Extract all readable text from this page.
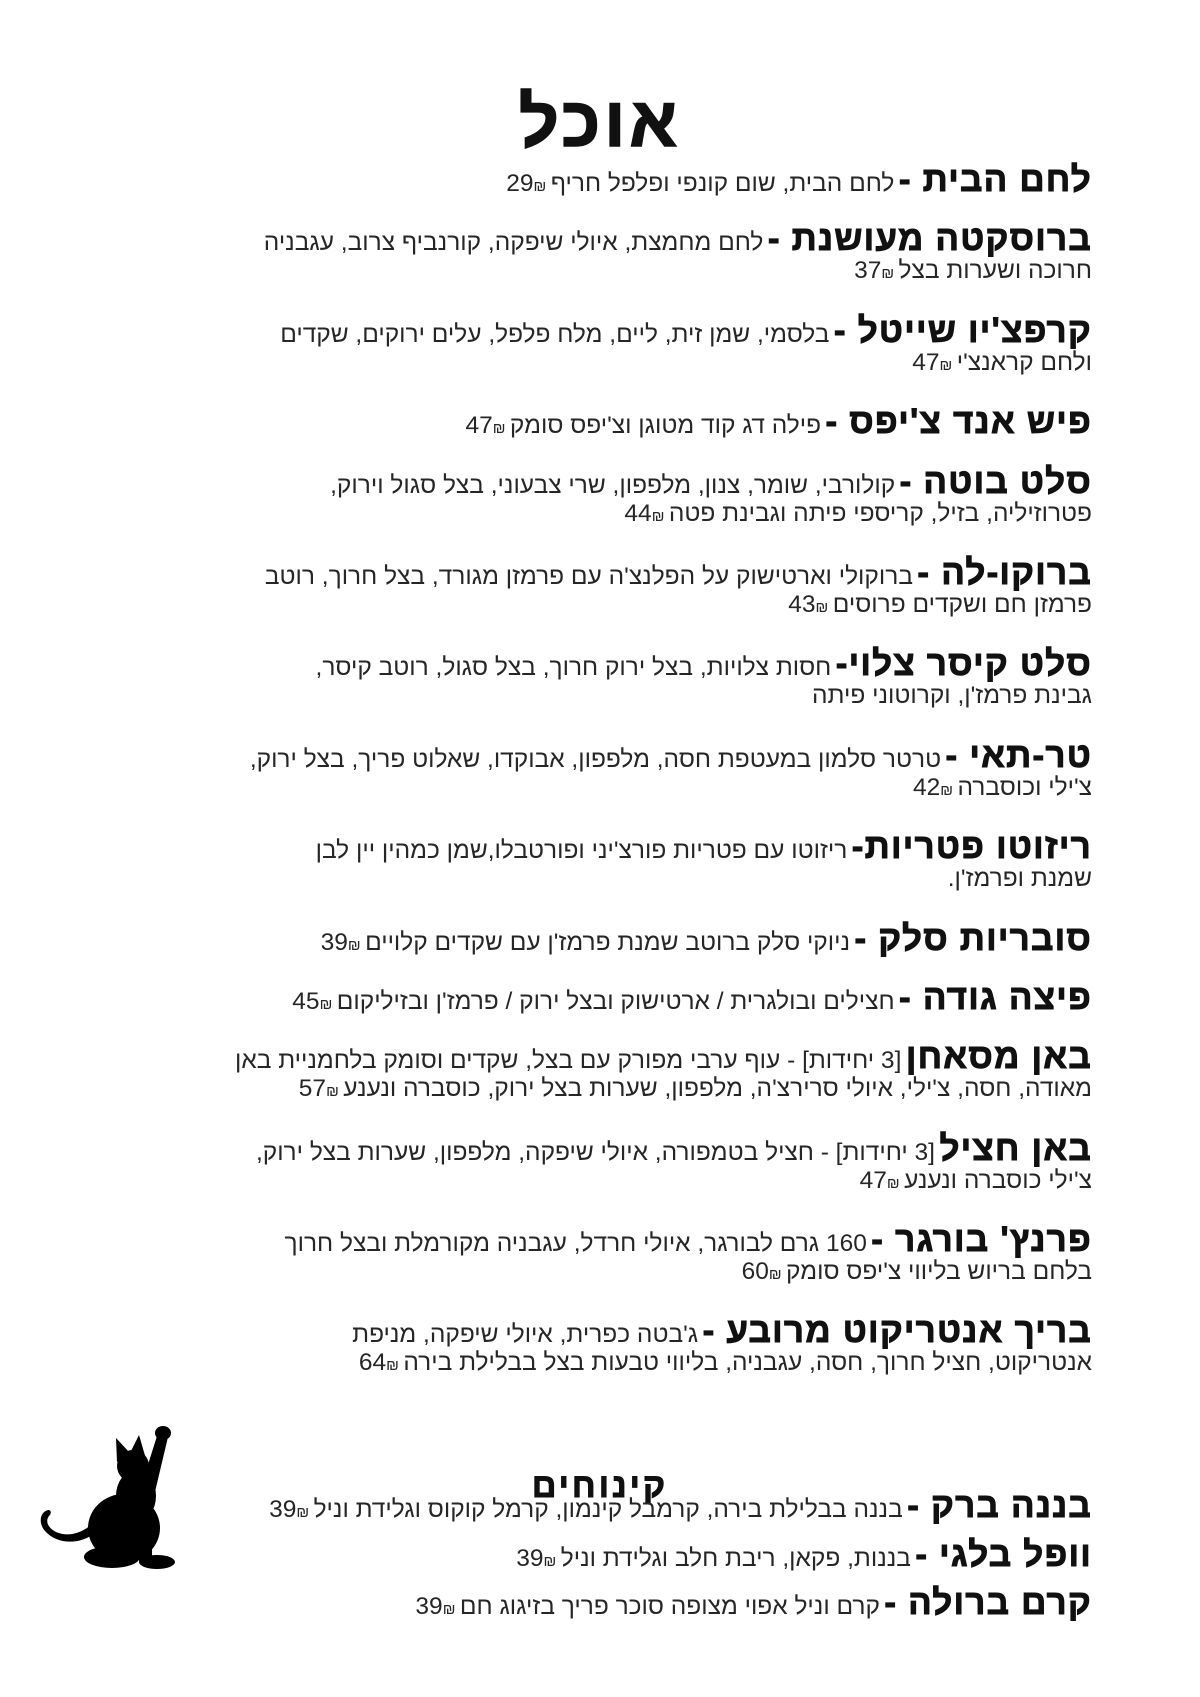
אוכל
לחם הבית - לחם הבית, שום קונפי ופלפל חריף 29₪
ברוסקטה מעושנת - לחם מחמצת, איולי שיפקה, קורנביף צרוב, עגבניה
חרוכה ושערות בצל 37₪
קרפצ'יו שייטל - בלסמי, שמן זית, ליים, מלח פלפל, עלים ירוקים, שקדים
ולחם קראנצ'י 47₪
פיש אנד צ'יפס - פילה דג קוד מטוגן וצ'יפס סומק 47₪
סלט בוטה - קולורבי, שומר, צנון, מלפפון, שרי צבעוני, בצל סגול וירוק,
פטרוזיליה, בזיל, קריספי פיתה וגבינת פטה 44₪
ברוקו-לה - ברוקולי וארטישוק על הפלנצ'ה עם פרמזן מגורד, בצל חרוך, רוטב
פרמזן חם ושקדים פרוסים 43₪
סלט קיסר צלוי- חסות צלויות, בצל ירוק חרוך, בצל סגול, רוטב קיסר,
גבינת פרמז'ן, וקרוטוני פיתה
טר-תאי - טרטר סלמון במעטפת חסה, מלפפון, אבוקדו, שאלוט פריך, בצל ירוק,
צ'ילי וכוסברה 42₪
ריזוטו פטריות- ריזוטו עם פטריות פורצ'יני ופורטבלו,שמן כמהין יין לבן
שמנת ופרמז'ן.
סובריות סלק - ניוקי סלק ברוטב שמנת פרמז'ן עם שקדים קלויים 39₪
פיצה גודה - חצילים ובולגרית / ארטישוק ובצל ירוק / פרמז'ן ובזיליקום 45₪
באן מסאחן [3 יחידות] - עוף ערבי מפורק עם בצל, שקדים וסומק בלחמניית באן
מאודה, חסה, צ'ילי, איולי סרירצ'ה, מלפפון, שערות בצל ירוק, כוסברה ונענע 57₪
באן חציל [3 יחידות] - חציל בטמפורה, איולי שיפקה, מלפפון, שערות בצל ירוק,
צ'ילי כוסברה ונענע 47₪
פרנץ' בורגר - 160 גרם לבורגר, איולי חרדל, עגבניה מקורמלת ובצל חרוך
בלחם בריוש בליווי צ'יפס סומק 60₪
בריך אנטריקוט מרובע - ג'בטה כפרית, איולי שיפקה, מניפת
אנטריקוט, חציל חרוך, חסה, עגבניה, בליווי טבעות בצל בבלילת בירה 64₪
קינוחים	בננה ברק - בננה בבלילת בירה, קרמבל קינמון, קרמל קוקוס וגלידת וניל 39₪
וופל בלגי - בננות, פקאן, ריבת חלב וגלידת וניל 39₪
קרם ברולה - קרם וניל אפוי מצופה סוכר פריך בזיגוג חם 39₪
